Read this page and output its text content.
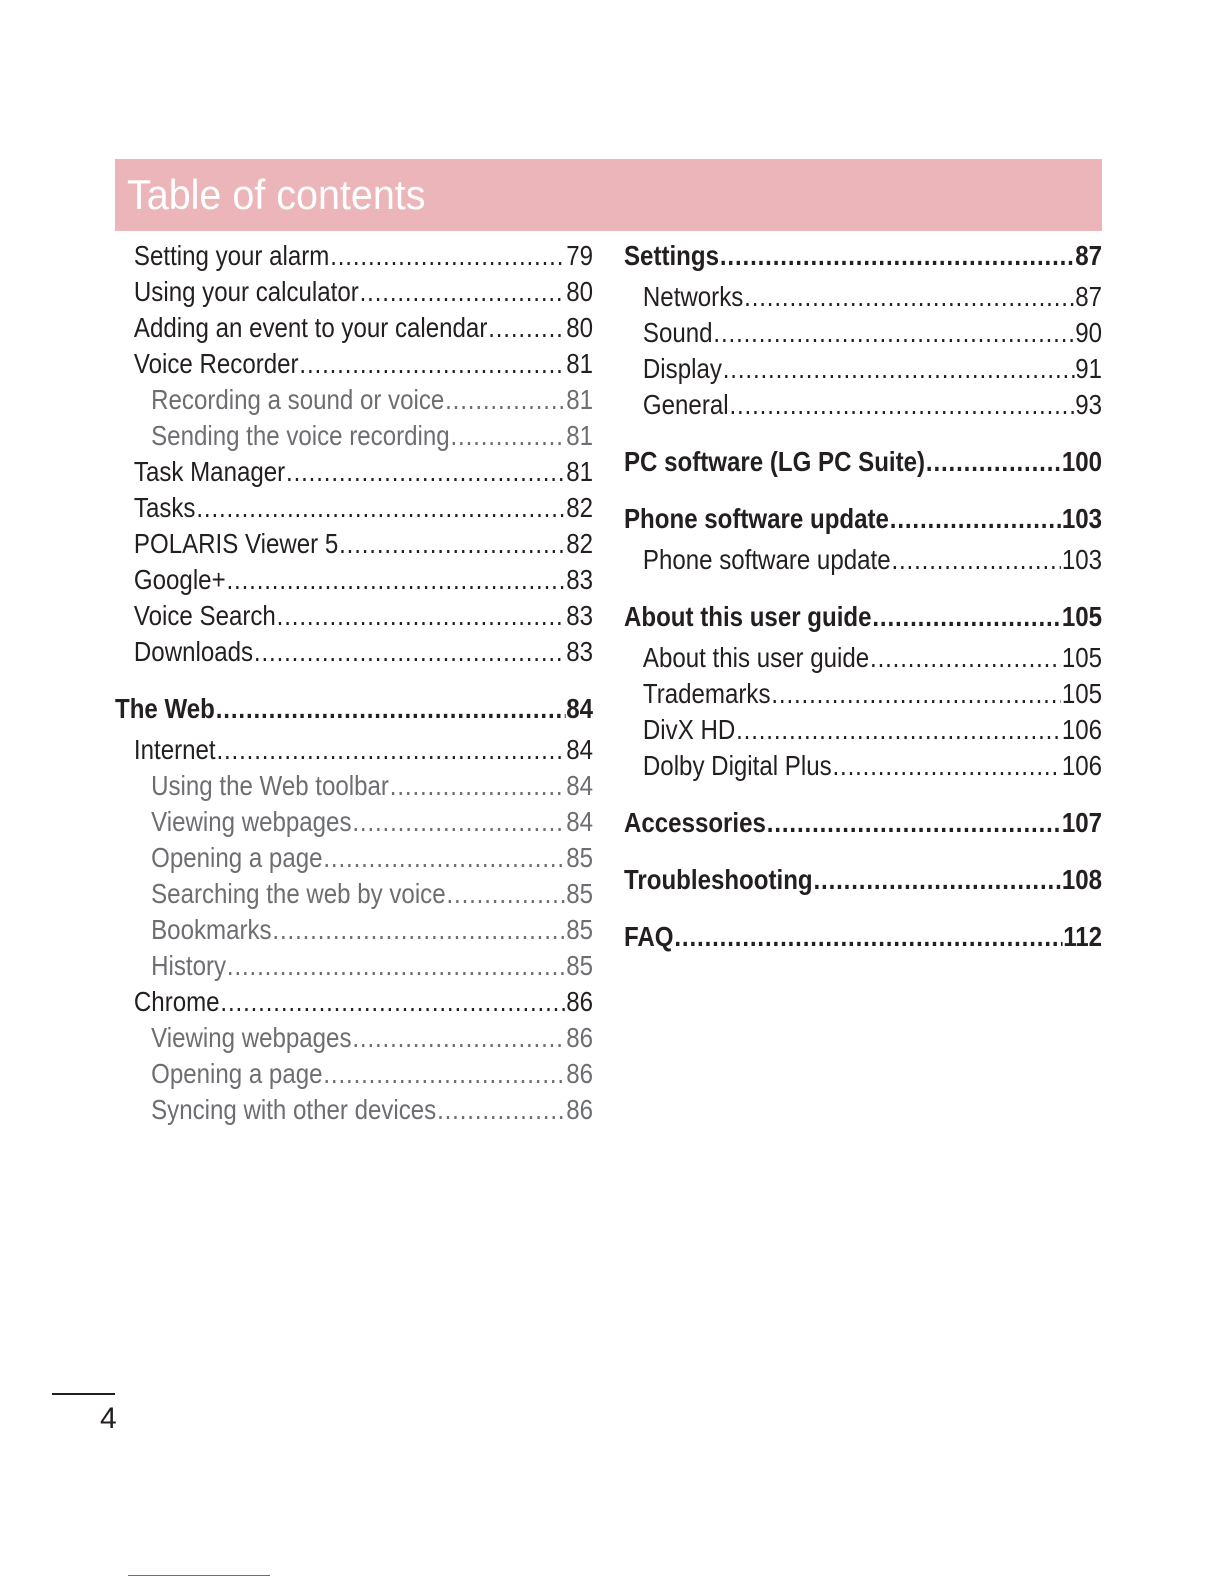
Table of contents
Setting your alarm .....	79
Using your calculator .....	80
Adding an event to your calendar .....	80
Voice Recorder .....	81
Recording a sound or voice .....	81
Sending the voice recording .....	81
Task Manager .....	81
Tasks .....	82
POLARIS Viewer 5 .....	82
Google+ .....	83
Voice Search .....	83
Downloads .....	83
The Web .....	84
Internet .....	84
Using the Web toolbar .....	84
Viewing webpages .....	84
Opening a page .....	85
Searching the web by voice .....	85
Bookmarks .....	85
History .....	85
Chrome .....	86
Viewing webpages .....	86
Opening a page .....	86
Syncing with other devices .....	86
Settings .....	87
Networks .....	87
Sound .....	90
Display .....	91
General .....	93
PC software (LG PC Suite) .....	100
Phone software update .....	103
Phone software update .....	103
About this user guide .....	105
About this user guide .....	105
Trademarks .....	105
DivX HD .....	106
Dolby Digital Plus .....	106
Accessories .....	107
Troubleshooting .....	108
FAQ .....	112
4
